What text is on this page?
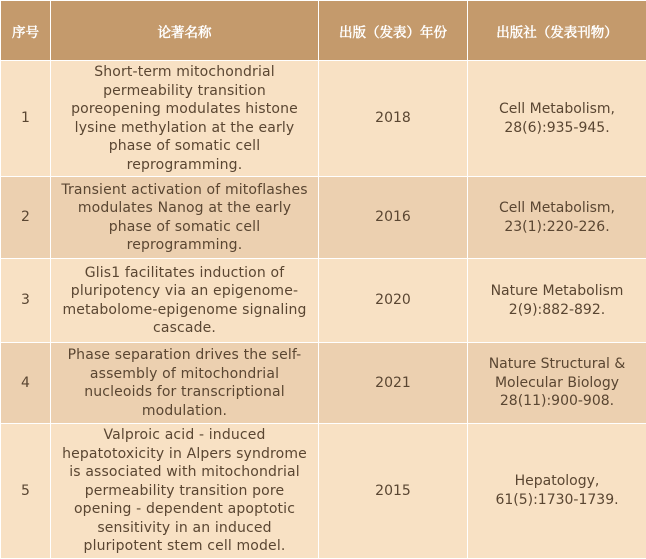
序号	论著名称	出版（发表）年份	出版社（发表刊物）
1	Short-term mitochondrial permeability transition poreopening modulates histone lysine methylation at the early phase of somatic cell reprogramming.	2018	Cell Metabolism, 28(6):935-945.
2	Transient activation of mitoflashes modulates Nanog at the early phase of somatic cell reprogramming.	2016	Cell Metabolism, 23(1):220-226.
3	Glis1 facilitates induction of pluripotency via an epigenome-metabolome-epigenome signaling cascade.	2020	Nature Metabolism 2(9):882-892.
4	Phase separation drives the self-assembly of mitochondrial nucleoids for transcriptional modulation.	2021	Nature Structural & Molecular Biology 28(11):900-908.
5	Valproic acid - induced hepatotoxicity in Alpers syndrome is associated with mitochondrial permeability transition pore opening - dependent apoptotic sensitivity in an induced pluripotent stem cell model.	2015	Hepatology, 61(5):1730-1739.
